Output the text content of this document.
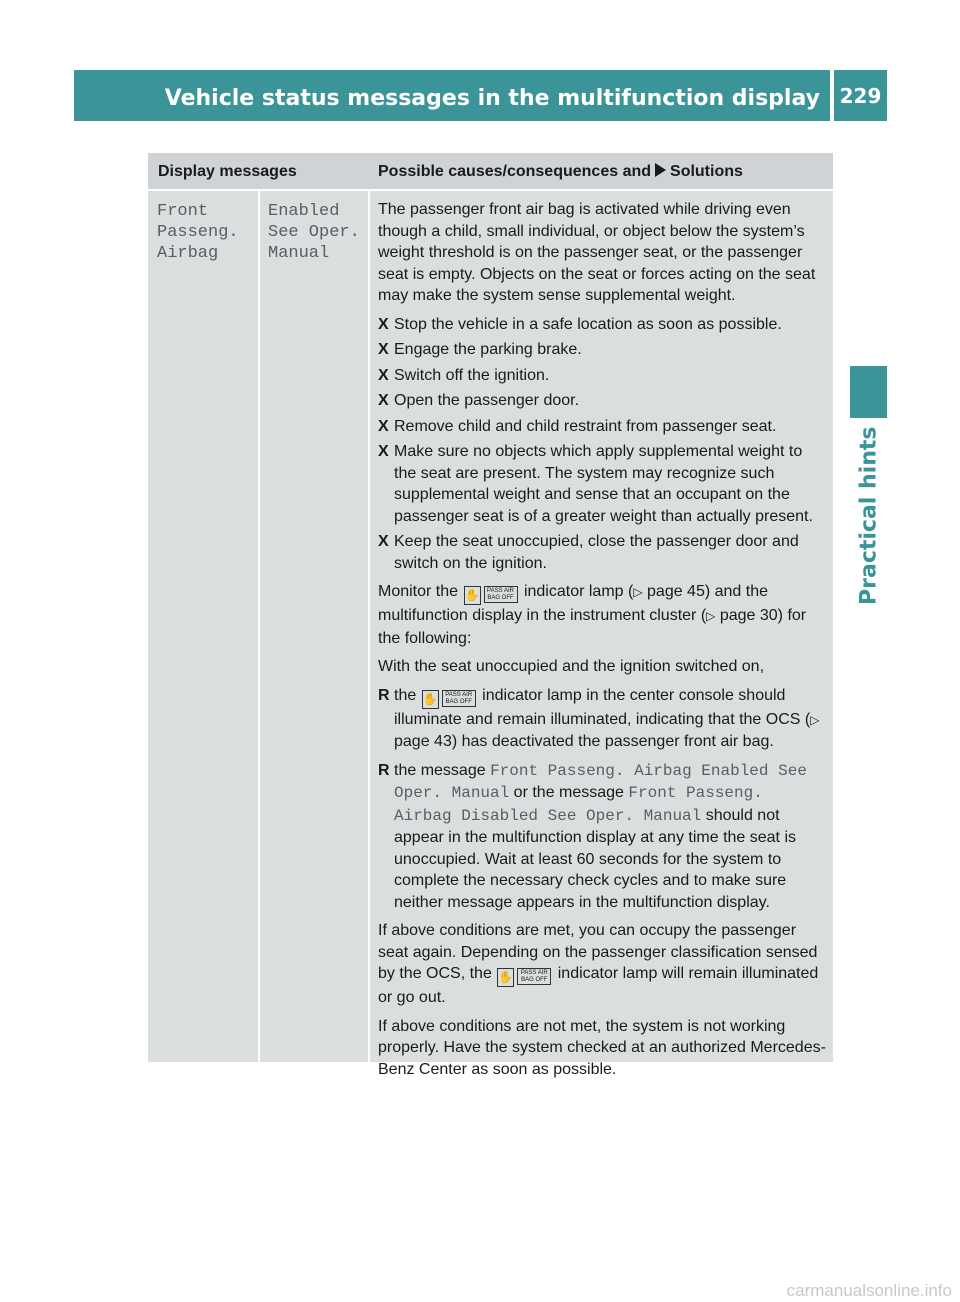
Vehicle status messages in the multifunction display 229
Practical hints
Display messages	Possible causes/consequences and Solutions
Front
Passeng.
Airbag
Enabled
See Oper.
Manual

The passenger front air bag is activated while driving even though a child, small individual, or object below the system’s weight threshold is on the passenger seat, or the passenger seat is empty. Objects on the seat or forces acting on the seat may make the system sense supplemental weight.

X Stop the vehicle in a safe location as soon as possible.
X Engage the parking brake.
X Switch off the ignition.
X Open the passenger door.
X Remove child and child restraint from passenger seat.
X Make sure no objects which apply supplemental weight to the seat are present. The system may recognize such supplemental weight and sense that an occupant on the passenger seat is of a greater weight than actually present.
X Keep the seat unoccupied, close the passenger door and switch on the ignition.

Monitor the ✋ PASS AIR BAG OFF indicator lamp (▷ page 45) and the multifunction display in the instrument cluster (▷ page 30) for the following:

With the seat unoccupied and the ignition switched on,

R the ✋ PASS AIR BAG OFF indicator lamp in the center console should illuminate and remain illuminated, indicating that the OCS (▷ page 43) has deactivated the passenger front air bag.
R the message Front Passeng. Airbag Enabled See Oper. Manual or the message Front Passeng. Airbag Disabled See Oper. Manual should not appear in the multifunction display at any time the seat is unoccupied. Wait at least 60 seconds for the system to complete the necessary check cycles and to make sure neither message appears in the multifunction display.

If above conditions are met, you can occupy the passenger seat again. Depending on the passenger classification sensed by the OCS, the ✋ PASS AIR BAG OFF indicator lamp will remain illuminated or go out.

If above conditions are not met, the system is not working properly. Have the system checked at an authorized Mercedes-Benz Center as soon as possible.

carmanualsonline.info
